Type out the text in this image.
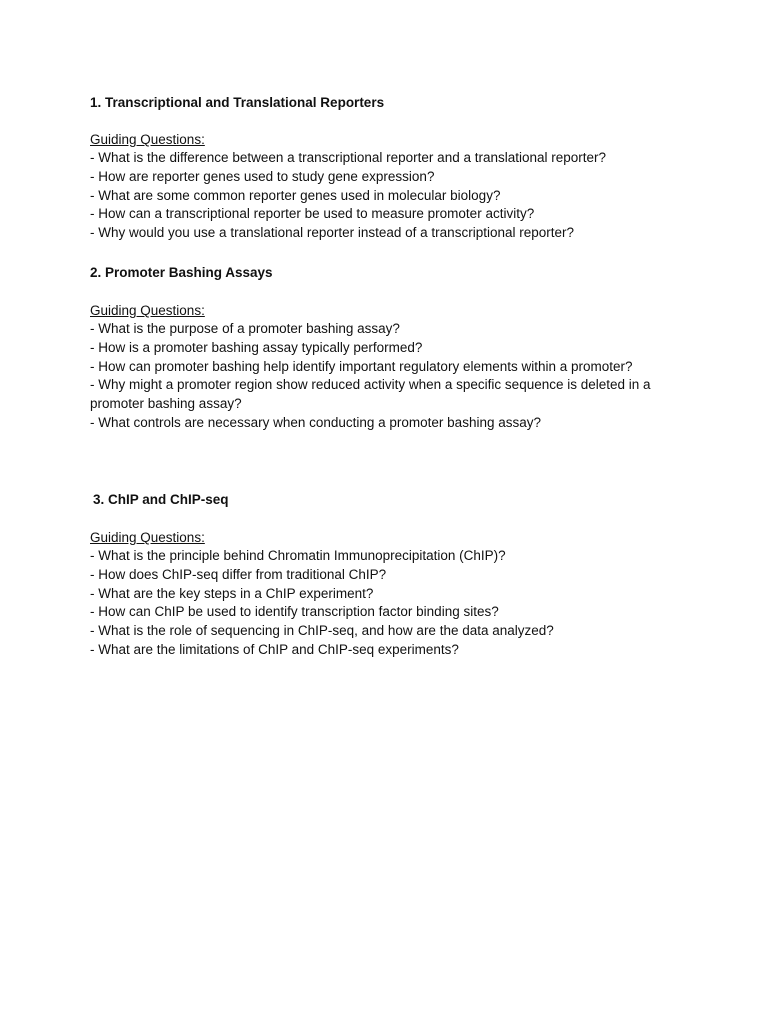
1. Transcriptional and Translational Reporters

Guiding Questions:

- What is the difference between a transcriptional reporter and a translational reporter?
- How are reporter genes used to study gene expression?
- What are some common reporter genes used in molecular biology?
- How can a transcriptional reporter be used to measure promoter activity?
- Why would you use a translational reporter instead of a transcriptional reporter?

2. Promoter Bashing Assays

Guiding Questions:

- What is the purpose of a promoter bashing assay?
- How is a promoter bashing assay typically performed?
- How can promoter bashing help identify important regulatory elements within a promoter?
- Why might a promoter region show reduced activity when a specific sequence is deleted in a promoter bashing assay?
- What controls are necessary when conducting a promoter bashing assay?

3. ChIP and ChIP-seq

Guiding Questions:

- What is the principle behind Chromatin Immunoprecipitation (ChIP)?
- How does ChIP-seq differ from traditional ChIP?
- What are the key steps in a ChIP experiment?
- How can ChIP be used to identify transcription factor binding sites?
- What is the role of sequencing in ChIP-seq, and how are the data analyzed?
- What are the limitations of ChIP and ChIP-seq experiments?
